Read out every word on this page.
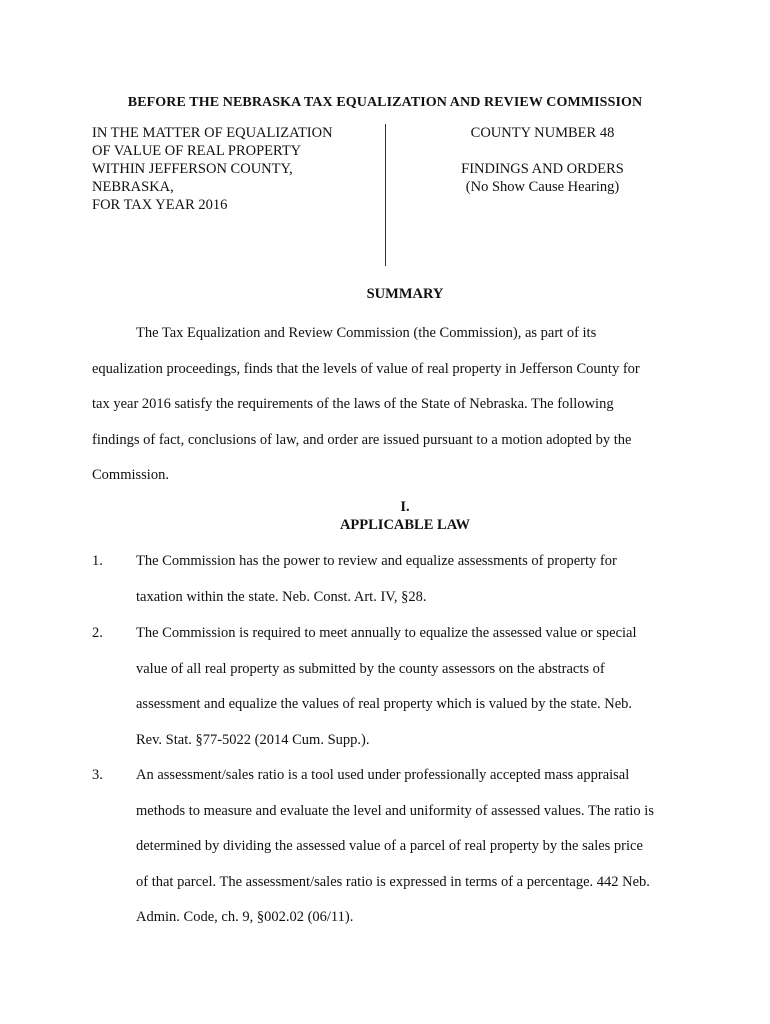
BEFORE THE NEBRASKA TAX EQUALIZATION AND REVIEW COMMISSION
IN THE MATTER OF EQUALIZATION
OF VALUE OF REAL PROPERTY
WITHIN JEFFERSON COUNTY,
NEBRASKA,
FOR TAX YEAR 2016
COUNTY NUMBER 48
FINDINGS AND ORDERS
(No Show Cause Hearing)
SUMMARY
The Tax Equalization and Review Commission (the Commission), as part of its
equalization proceedings, finds that the levels of value of real property in Jefferson County for
tax year 2016 satisfy the requirements of the laws of the State of Nebraska. The following
findings of fact, conclusions of law, and order are issued pursuant to a motion adopted by the
Commission.
I.
APPLICABLE LAW
1.	The Commission has the power to review and equalize assessments of property for
taxation within the state. Neb. Const. Art. IV, §28.
2.	The Commission is required to meet annually to equalize the assessed value or special
value of all real property as submitted by the county assessors on the abstracts of
assessment and equalize the values of real property which is valued by the state. Neb.
Rev. Stat. §77-5022 (2014 Cum. Supp.).
3.	An assessment/sales ratio is a tool used under professionally accepted mass appraisal
methods to measure and evaluate the level and uniformity of assessed values. The ratio is
determined by dividing the assessed value of a parcel of real property by the sales price
of that parcel. The assessment/sales ratio is expressed in terms of a percentage. 442 Neb.
Admin. Code, ch. 9, §002.02 (06/11).
